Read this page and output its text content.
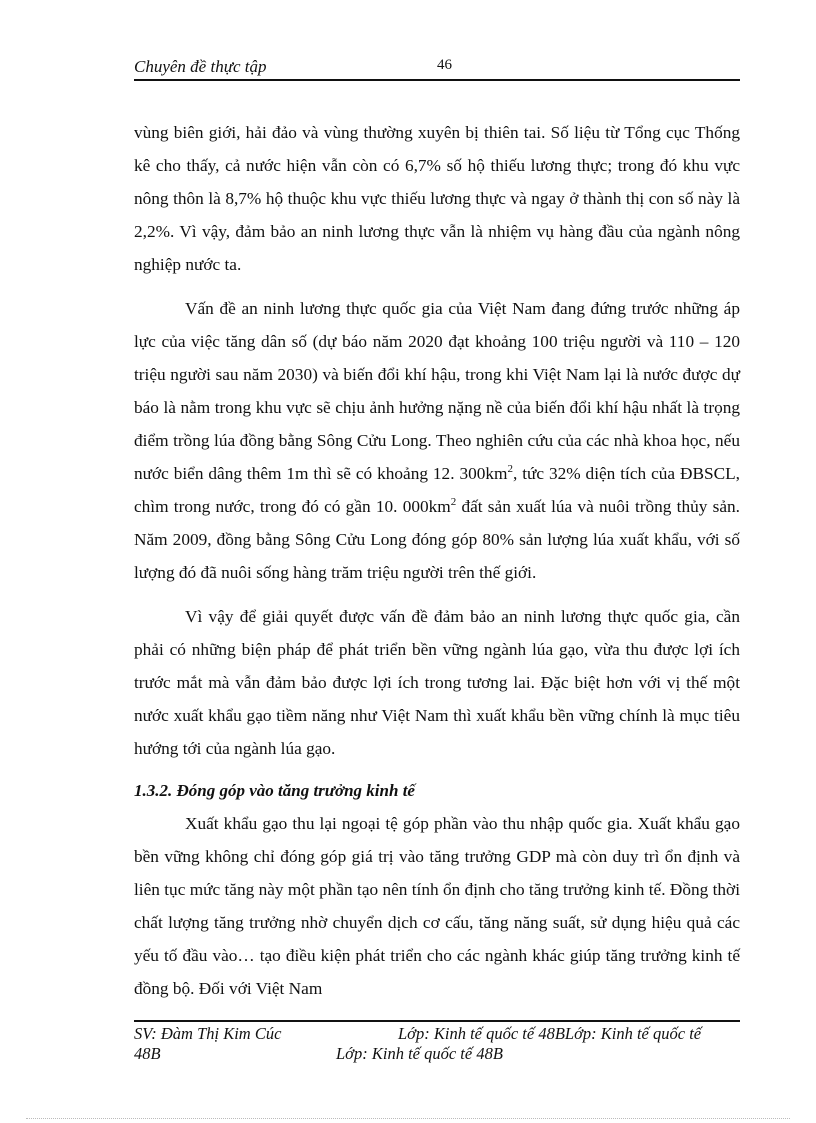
Chuyên đề thực tập	46

vùng biên giới, hải đảo và vùng thường xuyên bị thiên tai. Số liệu từ Tổng cục Thống kê cho thấy, cả nước hiện vẫn còn có 6,7% số hộ thiếu lương thực; trong đó khu vực nông thôn là 8,7% hộ thuộc khu vực thiếu lương thực và ngay ở thành thị con số này là 2,2%. Vì vậy, đảm bảo an ninh lương thực vẫn là nhiệm vụ hàng đầu của ngành nông nghiệp nước ta.

Vấn đề an ninh lương thực quốc gia của Việt Nam đang đứng trước những áp lực của việc tăng dân số (dự báo năm 2020 đạt khoảng 100 triệu người và 110 – 120 triệu người sau năm 2030) và biến đổi khí hậu, trong khi Việt Nam lại là nước được dự báo là nằm trong khu vực sẽ chịu ảnh hưởng nặng nề của biến đổi khí hậu nhất là trọng điểm trồng lúa đồng bằng Sông Cửu Long. Theo nghiên cứu của các nhà khoa học, nếu nước biển dâng thêm 1m thì sẽ có khoảng 12. $300km^2$, tức 32% diện tích của ĐBSCL, chìm trong nước, trong đó có gần 10. $000km^2$ đất sản xuất lúa và nuôi trồng thủy sản. Năm 2009, đồng bằng Sông Cửu Long đóng góp 80% sản lượng lúa xuất khẩu, với số lượng đó đã nuôi sống hàng trăm triệu người trên thế giới.

Vì vậy để giải quyết được vấn đề đảm bảo an ninh lương thực quốc gia, cần phải có những biện pháp để phát triển bền vững ngành lúa gạo, vừa thu được lợi ích trước mắt mà vẫn đảm bảo được lợi ích trong tương lai. Đặc biệt hơn với vị thế một nước xuất khẩu gạo tiềm năng như Việt Nam thì xuất khẩu bền vững chính là mục tiêu hướng tới của ngành lúa gạo.

1.3.2. Đóng góp vào tăng trưởng kinh tế

Xuất khẩu gạo thu lại ngoại tệ góp phần vào thu nhập quốc gia. Xuất khẩu gạo bền vững không chỉ đóng góp giá trị vào tăng trưởng GDP mà còn duy trì ổn định và liên tục mức tăng này một phần tạo nên tính ổn định cho tăng trưởng kinh tế. Đồng thời chất lượng tăng trưởng nhờ chuyển dịch cơ cấu, tăng năng suất, sử dụng hiệu quả các yếu tố đầu vào… tạo điều kiện phát triển cho các ngành khác giúp tăng trưởng kinh tế đồng bộ. Đối với Việt Nam

SV: Đàm Thị Kim Cúc	Lớp: Kinh tế quốc tế 48BLớp: Kinh tế quốc tế
48B	Lớp: Kinh tế quốc tế 48B
